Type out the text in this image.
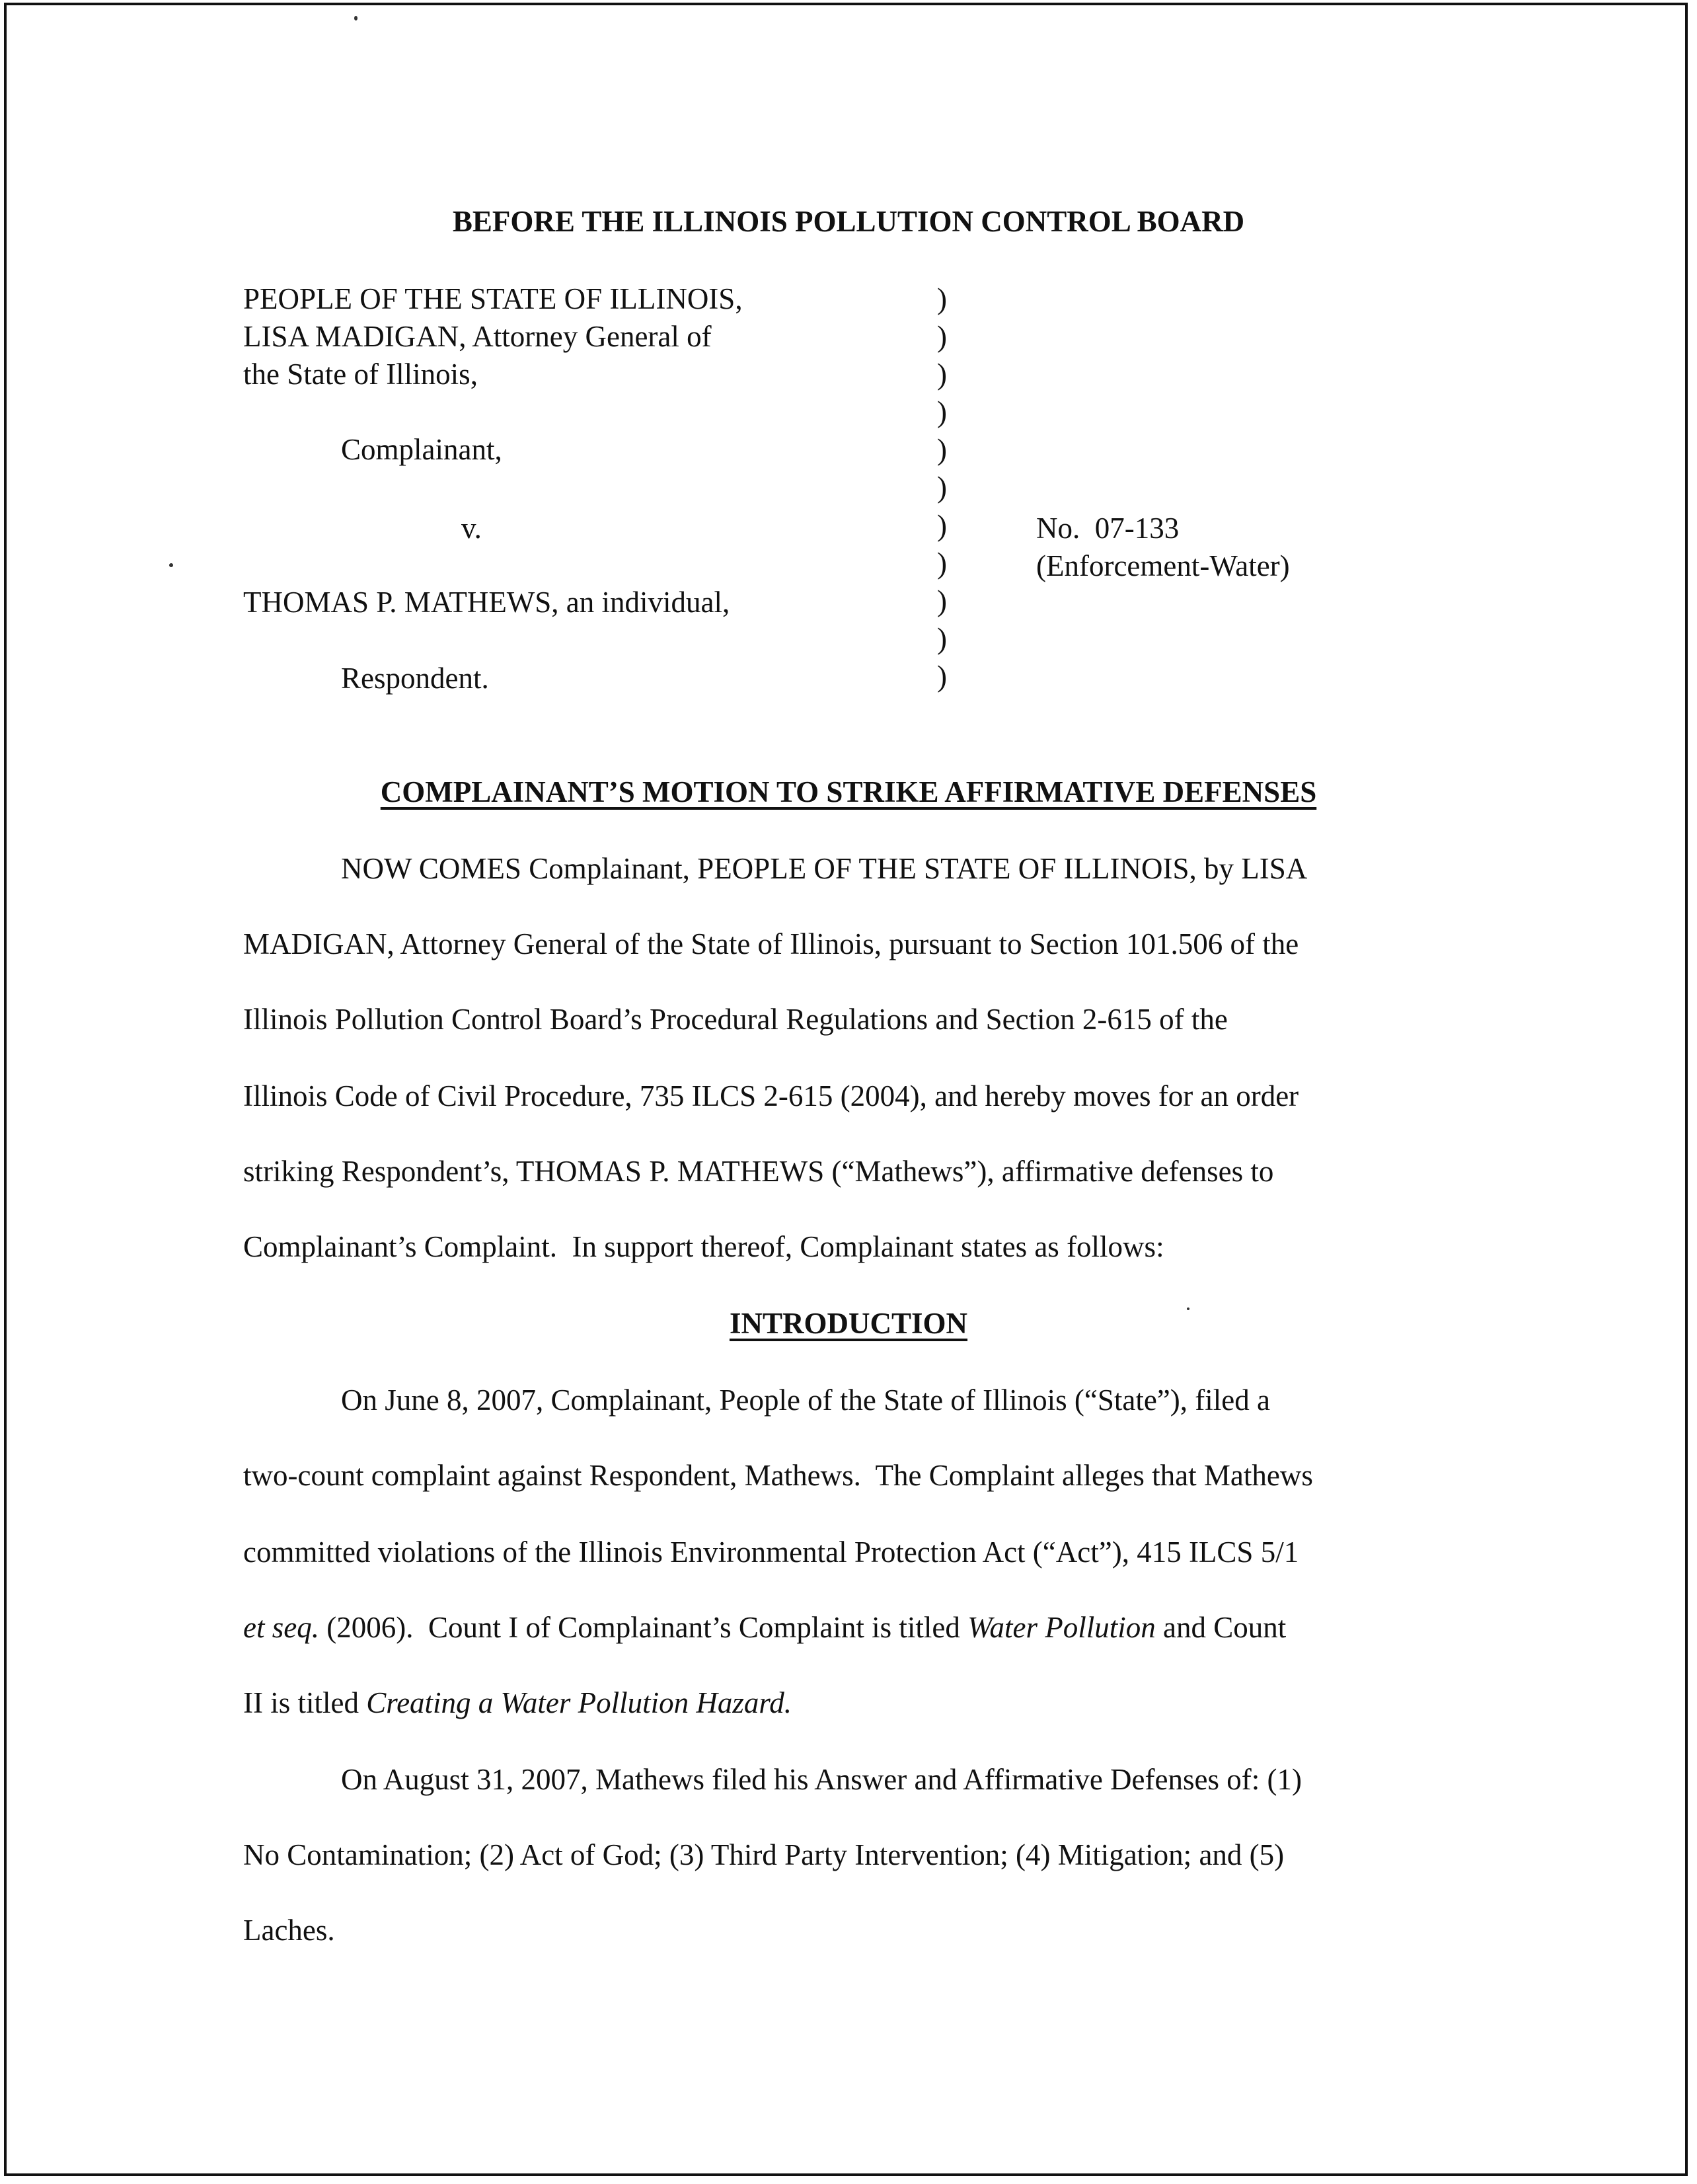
BEFORE THE ILLINOIS POLLUTION CONTROL BOARD
PEOPLE OF THE STATE OF ILLINOIS,
LISA MADIGAN, Attorney General of
the State of Illinois,
Complainant,
v.
THOMAS P. MATHEWS, an individual,
Respondent.
)
)
)
)
)
)
)
)
)
)
)
No.  07-133
(Enforcement-Water)
COMPLAINANT’S MOTION TO STRIKE AFFIRMATIVE DEFENSES
NOW COMES Complainant, PEOPLE OF THE STATE OF ILLINOIS, by LISA
MADIGAN, Attorney General of the State of Illinois, pursuant to Section 101.506 of the
Illinois Pollution Control Board’s Procedural Regulations and Section 2-615 of the
Illinois Code of Civil Procedure, 735 ILCS 2-615 (2004), and hereby moves for an order
striking Respondent’s, THOMAS P. MATHEWS (“Mathews”), affirmative defenses to
Complainant’s Complaint.  In support thereof, Complainant states as follows:
INTRODUCTION
On June 8, 2007, Complainant, People of the State of Illinois (“State”), filed a
two-count complaint against Respondent, Mathews.  The Complaint alleges that Mathews
committed violations of the Illinois Environmental Protection Act (“Act”), 415 ILCS 5/1
et seq. (2006).  Count I of Complainant’s Complaint is titled Water Pollution and Count
II is titled Creating a Water Pollution Hazard.
On August 31, 2007, Mathews filed his Answer and Affirmative Defenses of: (1)
No Contamination; (2) Act of God; (3) Third Party Intervention; (4) Mitigation; and (5)
Laches.
